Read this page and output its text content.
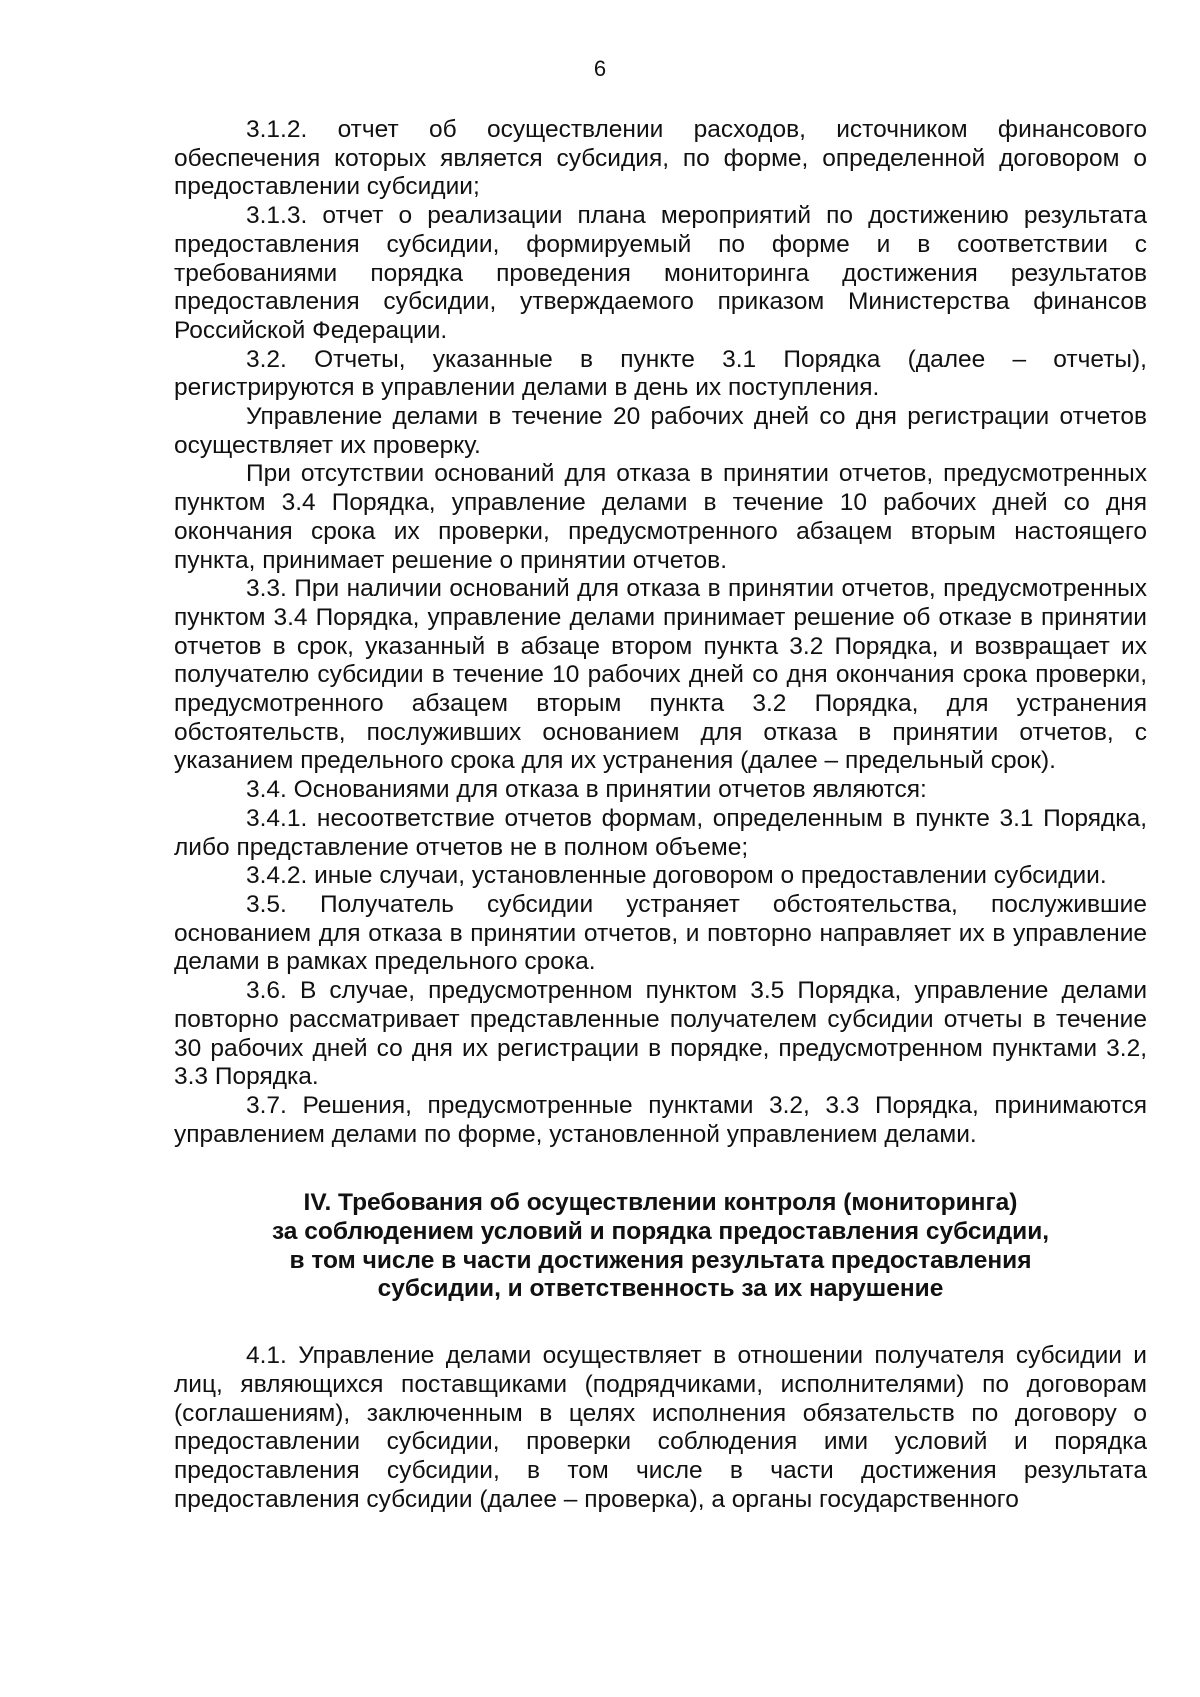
6

3.1.2. отчет об осуществлении расходов, источником финансового обеспечения которых является субсидия, по форме, определенной договором о предоставлении субсидии;

3.1.3. отчет о реализации плана мероприятий по достижению результата предоставления субсидии, формируемый по форме и в соответствии с требованиями порядка проведения мониторинга достижения результатов предоставления субсидии, утверждаемого приказом Министерства финансов Российской Федерации.

3.2. Отчеты, указанные в пункте 3.1 Порядка (далее – отчеты), регистрируются в управлении делами в день их поступления.

Управление делами в течение 20 рабочих дней со дня регистрации отчетов осуществляет их проверку.

При отсутствии оснований для отказа в принятии отчетов, предусмотренных пунктом 3.4 Порядка, управление делами в течение 10 рабочих дней со дня окончания срока их проверки, предусмотренного абзацем вторым настоящего пункта, принимает решение о принятии отчетов.

3.3. При наличии оснований для отказа в принятии отчетов, предусмотренных пунктом 3.4 Порядка, управление делами принимает решение об отказе в принятии отчетов в срок, указанный в абзаце втором пункта 3.2 Порядка, и возвращает их получателю субсидии в течение 10 рабочих дней со дня окончания срока проверки, предусмотренного абзацем вторым пункта 3.2 Порядка, для устранения обстоятельств, послуживших основанием для отказа в принятии отчетов, с указанием предельного срока для их устранения (далее – предельный срок).

3.4. Основаниями для отказа в принятии отчетов являются:

3.4.1. несоответствие отчетов формам, определенным в пункте 3.1 Порядка, либо представление отчетов не в полном объеме;

3.4.2. иные случаи, установленные договором о предоставлении субсидии.

3.5. Получатель субсидии устраняет обстоятельства, послужившие основанием для отказа в принятии отчетов, и повторно направляет их в управление делами в рамках предельного срока.

3.6. В случае, предусмотренном пунктом 3.5 Порядка, управление делами повторно рассматривает представленные получателем субсидии отчеты в течение 30 рабочих дней со дня их регистрации в порядке, предусмотренном пунктами 3.2, 3.3 Порядка.

3.7. Решения, предусмотренные пунктами 3.2, 3.3 Порядка, принимаются управлением делами по форме, установленной управлением делами.

IV. Требования об осуществлении контроля (мониторинга)
за соблюдением условий и порядка предоставления субсидии,
в том числе в части достижения результата предоставления
субсидии, и ответственность за их нарушение

4.1. Управление делами осуществляет в отношении получателя субсидии и лиц, являющихся поставщиками (подрядчиками, исполнителями) по договорам (соглашениям), заключенным в целях исполнения обязательств по договору о предоставлении субсидии, проверки соблюдения ими условий и порядка предоставления субсидии, в том числе в части достижения результата предоставления субсидии (далее – проверка), а органы государственного
